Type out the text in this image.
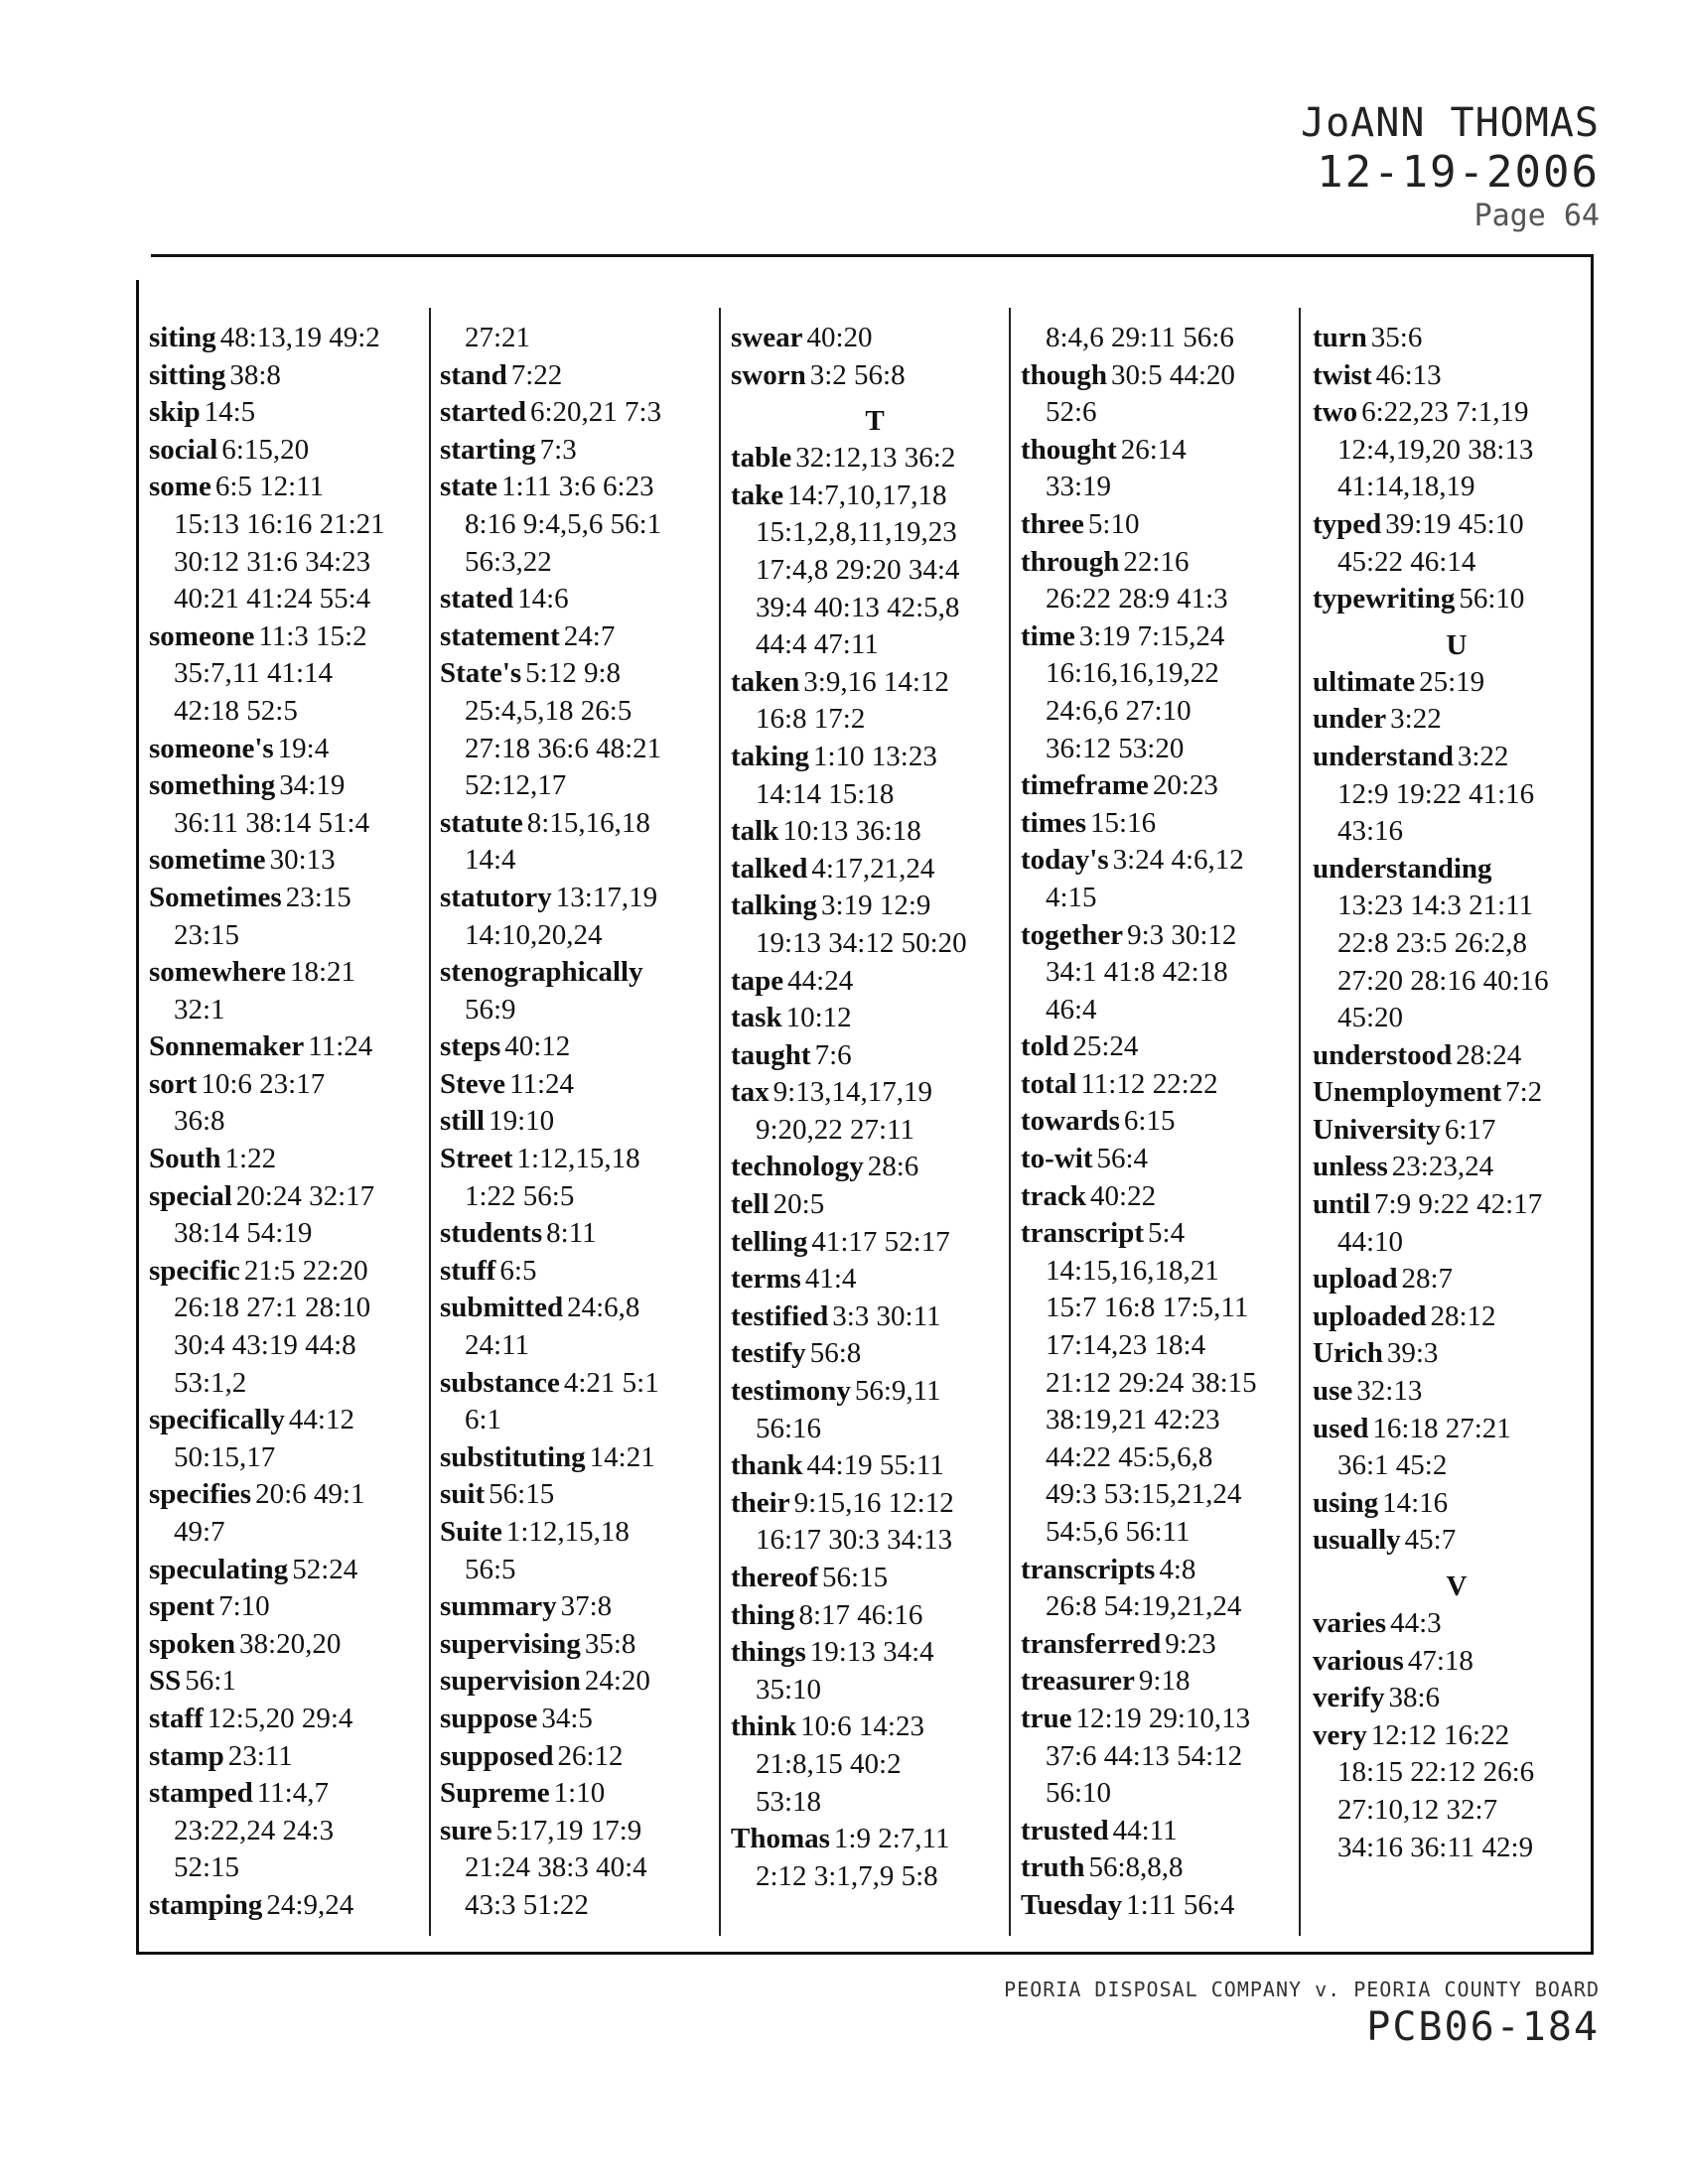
JoANN THOMAS
12-19-2006
Page 64
siting 48:13,19 49:2
sitting 38:8
skip 14:5
social 6:15,20
some 6:5 12:11
15:13 16:16 21:21
30:12 31:6 34:23
40:21 41:24 55:4
someone 11:3 15:2
35:7,11 41:14
42:18 52:5
someone's 19:4
something 34:19
36:11 38:14 51:4
sometime 30:13
Sometimes 23:15
23:15
somewhere 18:21
32:1
Sonnemaker 11:24
sort 10:6 23:17
36:8
South 1:22
special 20:24 32:17
38:14 54:19
specific 21:5 22:20
26:18 27:1 28:10
30:4 43:19 44:8
53:1,2
specifically 44:12
50:15,17
specifies 20:6 49:1
49:7
speculating 52:24
spent 7:10
spoken 38:20,20
SS 56:1
staff 12:5,20 29:4
stamp 23:11
stamped 11:4,7
23:22,24 24:3
52:15
stamping 24:9,24
27:21
stand 7:22
started 6:20,21 7:3
starting 7:3
state 1:11 3:6 6:23
8:16 9:4,5,6 56:1
56:3,22
stated 14:6
statement 24:7
State's 5:12 9:8
25:4,5,18 26:5
27:18 36:6 48:21
52:12,17
statute 8:15,16,18
14:4
statutory 13:17,19
14:10,20,24
stenographically
56:9
steps 40:12
Steve 11:24
still 19:10
Street 1:12,15,18
1:22 56:5
students 8:11
stuff 6:5
submitted 24:6,8
24:11
substance 4:21 5:1
6:1
substituting 14:21
suit 56:15
Suite 1:12,15,18
56:5
summary 37:8
supervising 35:8
supervision 24:20
suppose 34:5
supposed 26:12
Supreme 1:10
sure 5:17,19 17:9
21:24 38:3 40:4
43:3 51:22
swear 40:20
sworn 3:2 56:8
T
table 32:12,13 36:2
take 14:7,10,17,18
15:1,2,8,11,19,23
17:4,8 29:20 34:4
39:4 40:13 42:5,8
44:4 47:11
taken 3:9,16 14:12
16:8 17:2
taking 1:10 13:23
14:14 15:18
talk 10:13 36:18
talked 4:17,21,24
talking 3:19 12:9
19:13 34:12 50:20
tape 44:24
task 10:12
taught 7:6
tax 9:13,14,17,19
9:20,22 27:11
technology 28:6
tell 20:5
telling 41:17 52:17
terms 41:4
testified 3:3 30:11
testify 56:8
testimony 56:9,11
56:16
thank 44:19 55:11
their 9:15,16 12:12
16:17 30:3 34:13
thereof 56:15
thing 8:17 46:16
things 19:13 34:4
35:10
think 10:6 14:23
21:8,15 40:2
53:18
Thomas 1:9 2:7,11
2:12 3:1,7,9 5:8
8:4,6 29:11 56:6
though 30:5 44:20
52:6
thought 26:14
33:19
three 5:10
through 22:16
26:22 28:9 41:3
time 3:19 7:15,24
16:16,16,19,22
24:6,6 27:10
36:12 53:20
timeframe 20:23
times 15:16
today's 3:24 4:6,12
4:15
together 9:3 30:12
34:1 41:8 42:18
46:4
told 25:24
total 11:12 22:22
towards 6:15
to-wit 56:4
track 40:22
transcript 5:4
14:15,16,18,21
15:7 16:8 17:5,11
17:14,23 18:4
21:12 29:24 38:15
38:19,21 42:23
44:22 45:5,6,8
49:3 53:15,21,24
54:5,6 56:11
transcripts 4:8
26:8 54:19,21,24
transferred 9:23
treasurer 9:18
true 12:19 29:10,13
37:6 44:13 54:12
56:10
trusted 44:11
truth 56:8,8,8
Tuesday 1:11 56:4
turn 35:6
twist 46:13
two 6:22,23 7:1,19
12:4,19,20 38:13
41:14,18,19
typed 39:19 45:10
45:22 46:14
typewriting 56:10
U
ultimate 25:19
under 3:22
understand 3:22
12:9 19:22 41:16
43:16
understanding
13:23 14:3 21:11
22:8 23:5 26:2,8
27:20 28:16 40:16
45:20
understood 28:24
Unemployment 7:2
University 6:17
unless 23:23,24
until 7:9 9:22 42:17
44:10
upload 28:7
uploaded 28:12
Urich 39:3
use 32:13
used 16:18 27:21
36:1 45:2
using 14:16
usually 45:7
V
varies 44:3
various 47:18
verify 38:6
very 12:12 16:22
18:15 22:12 26:6
27:10,12 32:7
34:16 36:11 42:9
PEORIA DISPOSAL COMPANY v. PEORIA COUNTY BOARD
PCB06-184
